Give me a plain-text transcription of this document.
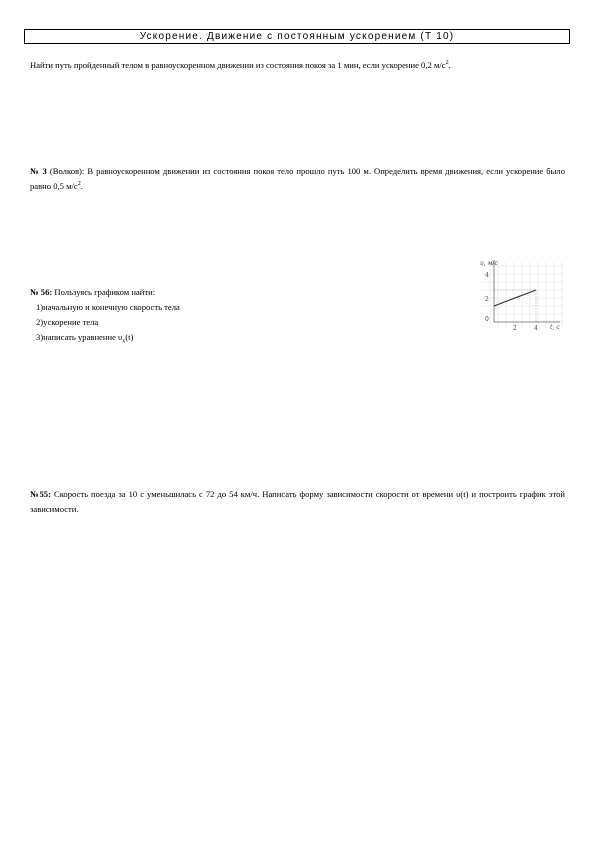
Ускорение. Движение с постоянным ускорением (Т 10)
Найти путь пройденный телом в равноускоренном движении из состояния покоя за 1 мин, если ускорение 0,2 $м/с^2$.
№ 3 (Волков): В равноускоренном движении из состояния покоя тело прошло путь 100 м. Определить время движения, если ускорение было равно 0,5 $м/с^2$.
№ 56: Пользуясь графиком найти:
1)начальную и конечную скорость тела
2)ускорение тела
3)написать уравнение $\upsilon_x(t)$
υ, м/с
4
2
0
2	4 t, с
№55: Скорость поезда за 10 с уменьшилась с 72 до 54 км/ч. Написать форму зависимости скорости от времени υ(t) и построить график этой зависимости.
